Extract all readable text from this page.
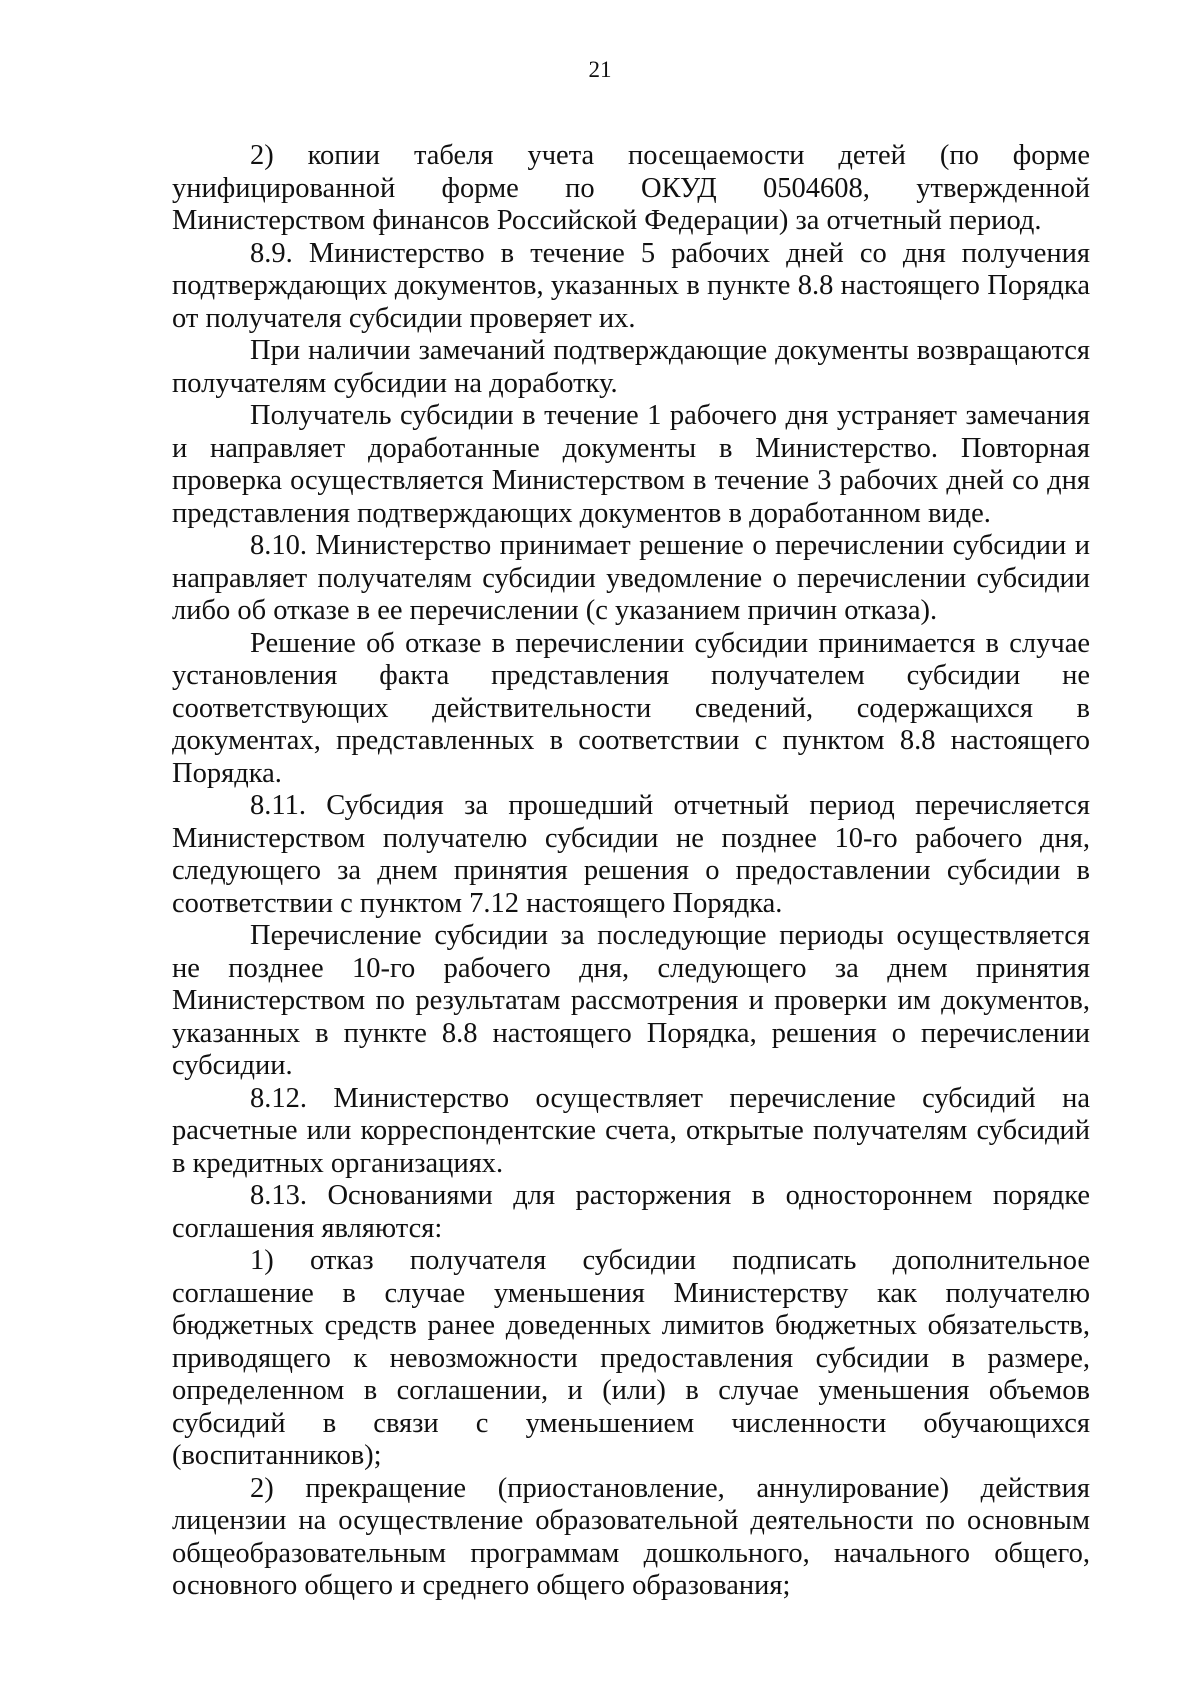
21

2) копии табеля учета посещаемости детей (по форме унифицированной форме по ОКУД 0504608, утвержденной Министерством финансов Российской Федерации) за отчетный период.

8.9. Министерство в течение 5 рабочих дней со дня получения подтверждающих документов, указанных в пункте 8.8 настоящего Порядка от получателя субсидии проверяет их.

При наличии замечаний подтверждающие документы возвращаются получателям субсидии на доработку.

Получатель субсидии в течение 1 рабочего дня устраняет замечания и направляет доработанные документы в Министерство. Повторная проверка осуществляется Министерством в течение 3 рабочих дней со дня представления подтверждающих документов в доработанном виде.

8.10. Министерство принимает решение о перечислении субсидии и направляет получателям субсидии уведомление о перечислении субсидии либо об отказе в ее перечислении (с указанием причин отказа).

Решение об отказе в перечислении субсидии принимается в случае установления факта представления получателем субсидии не соответствующих действительности сведений, содержащихся в документах, представленных в соответствии с пунктом 8.8 настоящего Порядка.

8.11. Субсидия за прошедший отчетный период перечисляется Министерством получателю субсидии не позднее 10-го рабочего дня, следующего за днем принятия решения о предоставлении субсидии в соответствии с пунктом 7.12 настоящего Порядка.

Перечисление субсидии за последующие периоды осуществляется не позднее 10-го рабочего дня, следующего за днем принятия Министерством по результатам рассмотрения и проверки им документов, указанных в пункте 8.8 настоящего Порядка, решения о перечислении субсидии.

8.12. Министерство осуществляет перечисление субсидий на расчетные или корреспондентские счета, открытые получателям субсидий в кредитных организациях.

8.13. Основаниями для расторжения в одностороннем порядке соглашения являются:

1) отказ получателя субсидии подписать дополнительное соглашение в случае уменьшения Министерству как получателю бюджетных средств ранее доведенных лимитов бюджетных обязательств, приводящего к невозможности предоставления субсидии в размере, определенном в соглашении, и (или) в случае уменьшения объемов субсидий в связи с уменьшением численности обучающихся (воспитанников);

2) прекращение (приостановление, аннулирование) действия лицензии на осуществление образовательной деятельности по основным общеобразовательным программам дошкольного, начального общего, основного общего и среднего общего образования;
